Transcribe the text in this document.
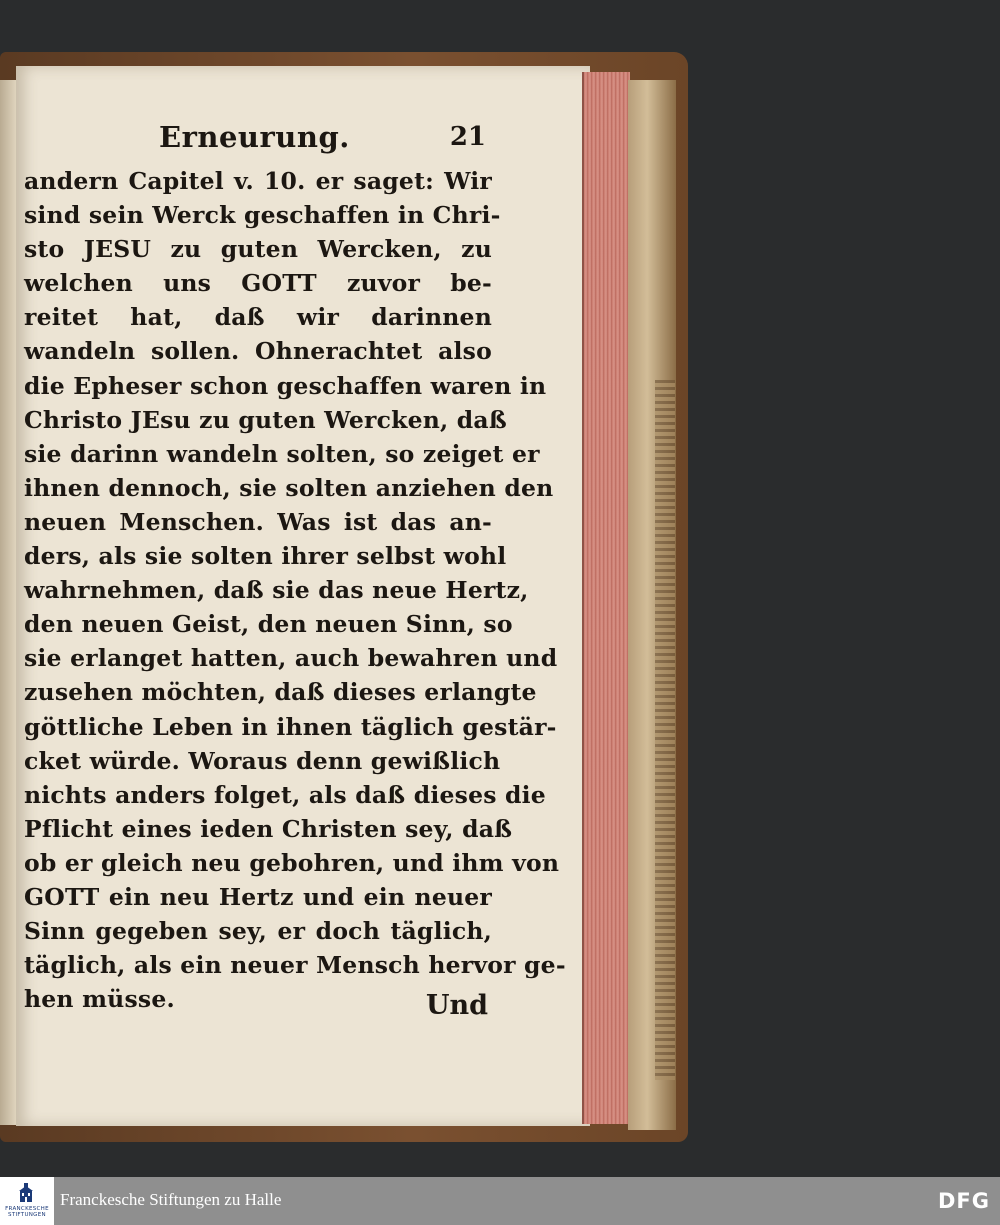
Erneurung.	21
andern Capitel v. 10. er saget: Wir
sind sein Werck geschaffen in Chri-
sto JESU zu guten Wercken, zu
welchen uns GOTT zuvor be-
reitet hat, daß wir darinnen
wandeln sollen. Ohnerachtet also
die Epheser schon geschaffen waren in
Christo JEsu zu guten Wercken, daß
sie darinn wandeln solten, so zeiget er
ihnen dennoch, sie solten anziehen den
neuen Menschen. Was ist das an-
ders, als sie solten ihrer selbst wohl
wahrnehmen, daß sie das neue Hertz,
den neuen Geist, den neuen Sinn, so
sie erlanget hatten, auch bewahren und
zusehen möchten, daß dieses erlangte
göttliche Leben in ihnen täglich gestär-
cket würde. Woraus denn gewißlich
nichts anders folget, als daß dieses die
Pflicht eines ieden Christen sey, daß
ob er gleich neu gebohren, und ihm von
GOTT ein neu Hertz und ein neuer
Sinn gegeben sey, er doch täglich,
täglich, als ein neuer Mensch hervor ge-
hen müsse.	Und
FRANCKESCHE
STIFTUNGEN
Franckesche Stiftungen zu Halle	DFG
